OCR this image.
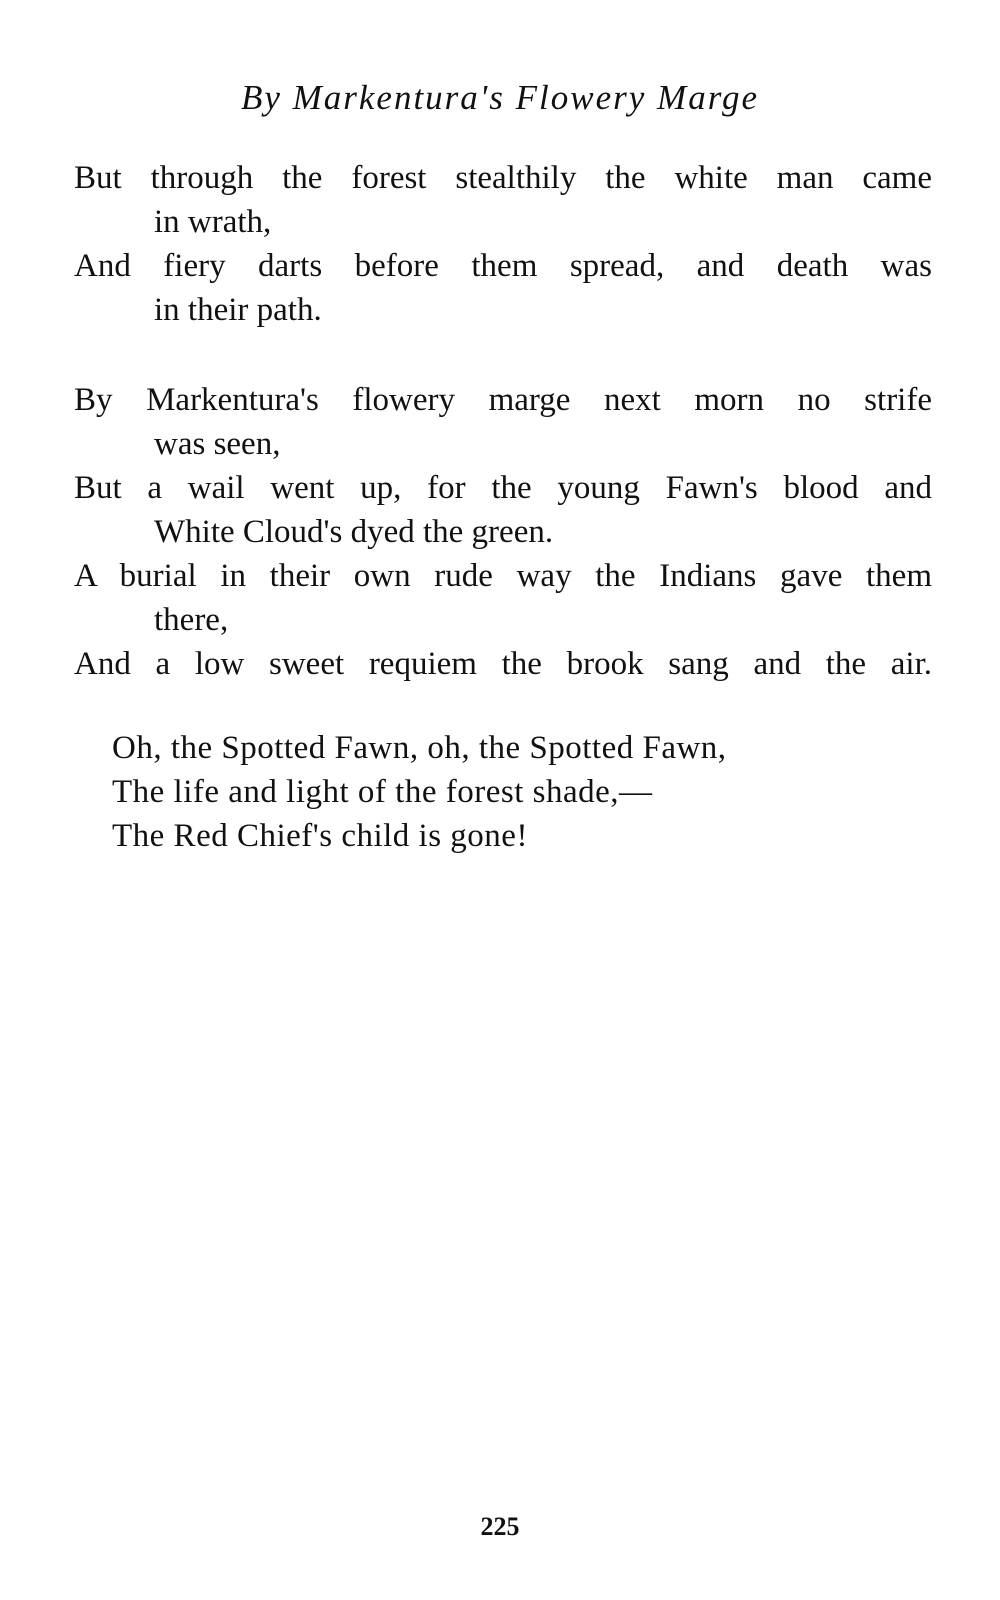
By Markentura's Flowery Marge
But through the forest stealthily the white man came
in wrath,
And fiery darts before them spread, and death was
in their path.
By Markentura's flowery marge next morn no strife
was seen,
But a wail went up, for the young Fawn's blood and
White Cloud's dyed the green.
A burial in their own rude way the Indians gave them
there,
And a low sweet requiem the brook sang and the air.
Oh, the Spotted Fawn, oh, the Spotted Fawn,
The life and light of the forest shade,—
The Red Chief's child is gone!
225
